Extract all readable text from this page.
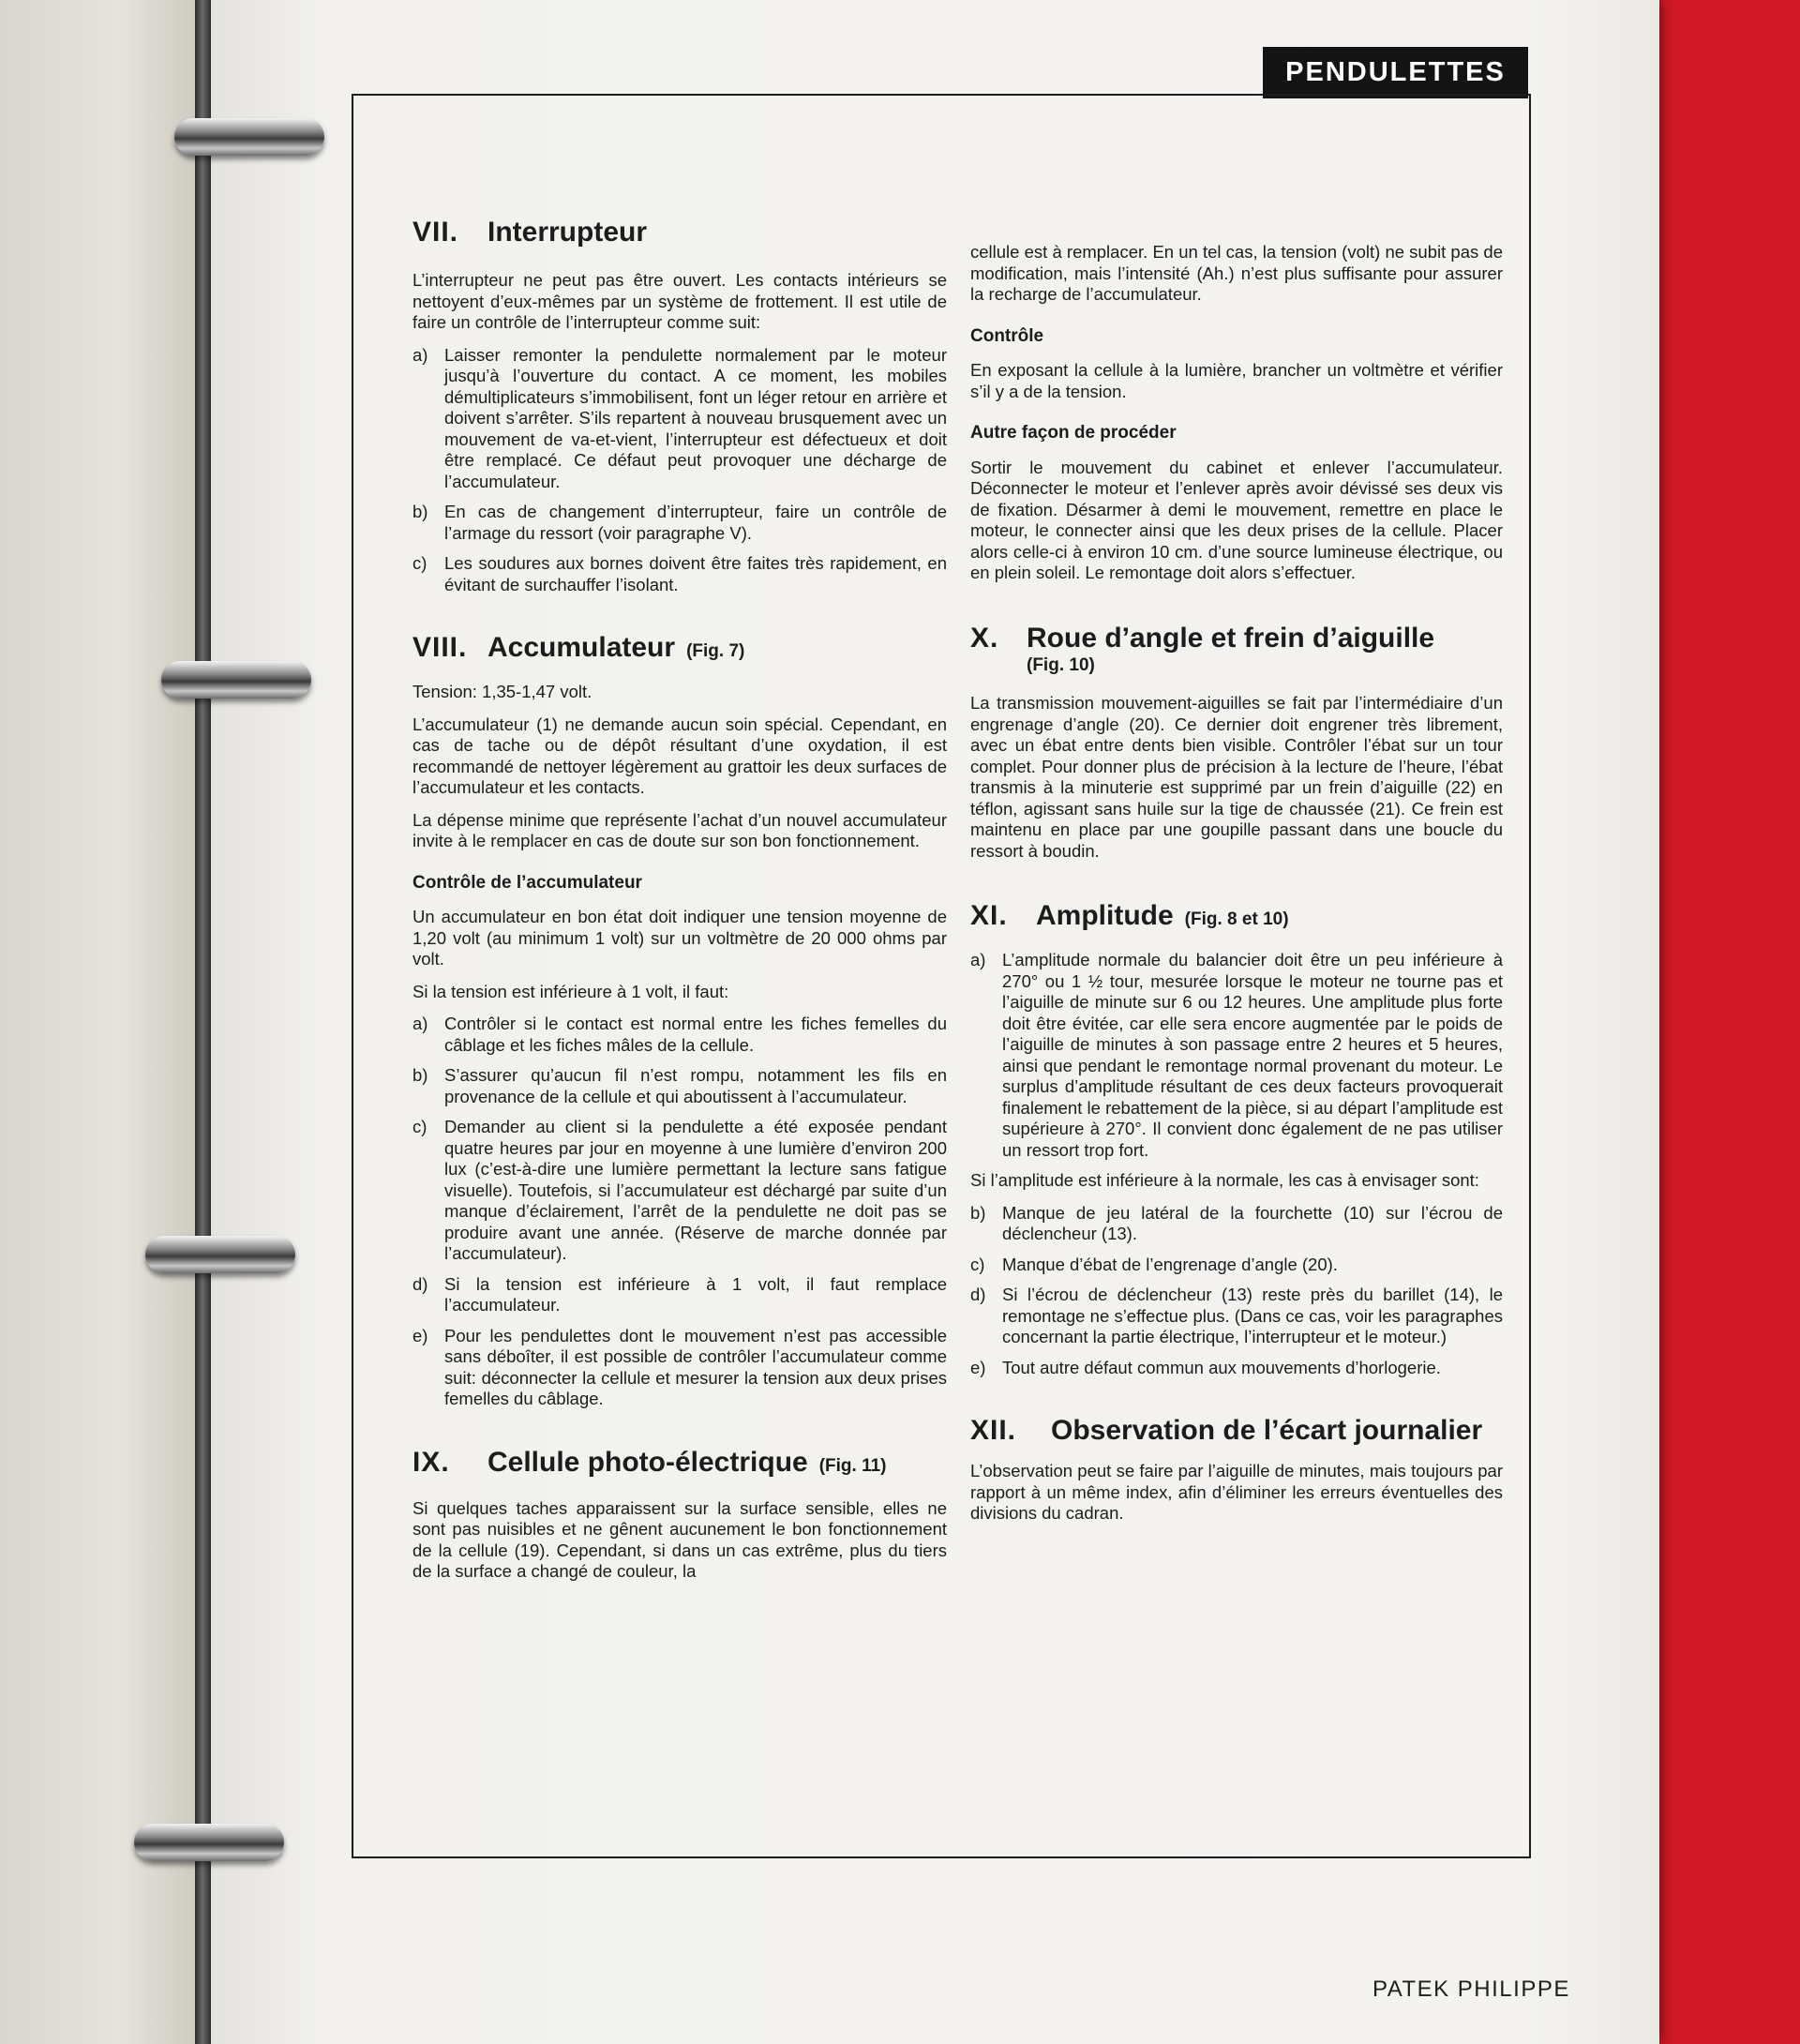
PENDULETTES
VII.	Interrupteur

L’interrupteur ne peut pas être ouvert. Les contacts intérieurs se nettoyent d’eux-mêmes par un système de frottement. Il est utile de faire un contrôle de l’interrupteur comme suit:

a) Laisser remonter la pendulette normalement par le moteur jusqu’à l’ouverture du contact. A ce moment, les mobiles démultiplicateurs s’immobilisent, font un léger retour en arrière et doivent s’arrêter. S’ils repartent à nouveau brusquement avec un mouvement de va-et-vient, l’interrupteur est défectueux et doit être remplacé. Ce défaut peut provoquer une décharge de l’accumulateur.
b) En cas de changement d’interrupteur, faire un contrôle de l’armage du ressort (voir paragraphe V).
c)	Les soudures aux bornes doivent être faites très rapidement, en évitant de surchauffer l’isolant.
VIII. Accumulateur (Fig. 7)

Tension: 1,35-1,47 volt.

L’accumulateur (1) ne demande aucun soin spécial. Cependant, en cas de tache ou de dépôt résultant d’une oxydation, il est recommandé de nettoyer légèrement au grattoir les deux surfaces de l’accumulateur et les contacts.

La dépense minime que représente l’achat d’un nouvel accumulateur invite à le remplacer en cas de doute sur son bon fonctionnement.

Contrôle de l’accumulateur

Un accumulateur en bon état doit indiquer une tension moyenne de 1,20 volt (au minimum 1 volt) sur un voltmètre de 20 000 ohms par volt.

Si la tension est inférieure à 1 volt, il faut:

a) Contrôler si le contact est normal entre les fiches femelles du câblage et les fiches mâles de la cellule.
b) S’assurer qu’aucun fil n’est rompu, notamment les fils en provenance de la cellule et qui aboutissent à l’accumulateur.
c)	Demander au client si la pendulette a été exposée pendant quatre heures par jour en moyenne à une lumière d’environ 200 lux (c’est-à-dire une lumière permettant la lecture sans fatigue visuelle). Toutefois, si l’accumulateur est déchargé par suite d’un manque d’éclairement, l’arrêt de la pendulette ne doit pas se produire avant une année. (Réserve de marche donnée par l’accumulateur).
d) Si la tension est inférieure à 1 volt, il faut remplace l’accumulateur.
e) Pour les pendulettes dont le mouvement n’est pas accessible sans déboîter, il est possible de contrôler l’accumulateur comme suit: déconnecter la cellule et mesurer la tension aux deux prises femelles du câblage.
IX.	Cellule photo-électrique (Fig. 11)

Si quelques taches apparaissent sur la surface sensible, elles ne sont pas nuisibles et ne gênent aucunement le bon fonctionnement de la cellule (19). Cependant, si dans un cas extrême, plus du tiers de la surface a changé de couleur, la

cellule est à remplacer. En un tel cas, la tension (volt) ne subit pas de modification, mais l’intensité (Ah.) n’est plus suffisante pour assurer la recharge de l’accumulateur.

Contrôle

En exposant la cellule à la lumière, brancher un voltmètre et vérifier s’il y a de la tension.

Autre façon de procéder

Sortir le mouvement du cabinet et enlever l’accumulateur. Déconnecter le moteur et l’enlever après avoir dévissé ses deux vis de fixation. Désarmer à demi le mouvement, remettre en place le moteur, le connecter ainsi que les deux prises de la cellule. Placer alors celle-ci à environ 10 cm. d’une source lumineuse électrique, ou en plein soleil. Le remontage doit alors s’effectuer.

X. Roue d’angle et frein d’aiguille
(Fig. 10)

La transmission mouvement-aiguilles se fait par l’intermédiaire d’un engrenage d’angle (20). Ce dernier doit engrener très librement, avec un ébat entre dents bien visible. Contrôler l’ébat sur un tour complet. Pour donner plus de précision à la lecture de l’heure, l’ébat transmis à la minuterie est supprimé par un frein d’aiguille (22) en téflon, agissant sans huile sur la tige de chaussée (21). Ce frein est maintenu en place par une goupille passant dans une boucle du ressort à boudin.

XI.	Amplitude (Fig. 8 et 10)
a) L’amplitude normale du balancier doit être un peu inférieure à 270° ou 1 ½ tour, mesurée lorsque le moteur ne tourne pas et l’aiguille de minute sur 6 ou 12 heures. Une amplitude plus forte doit être évitée, car elle sera encore augmentée par le poids de l’aiguille de minutes à son passage entre 2 heures et 5 heures, ainsi que pendant le remontage normal provenant du moteur. Le surplus d’amplitude résultant de ces deux facteurs provoquerait finalement le rebattement de la pièce, si au départ l’amplitude est supérieure à 270°. Il convient donc également de ne pas utiliser un ressort trop fort.

Si l’amplitude est inférieure à la normale, les cas à envisager sont:

b) Manque de jeu latéral de la fourchette (10) sur l’écrou de déclencheur (13).
c)	Manque d’ébat de l’engrenage d’angle (20).
d) Si l’écrou de déclencheur (13) reste près du barillet (14), le remontage ne s’effectue plus. (Dans ce cas, voir les paragraphes concernant la partie électrique, l’interrupteur et le moteur.)
e) Tout autre défaut commun aux mouvements d’horlogerie.
XII.	Observation de l’écart journalier

L’observation peut se faire par l’aiguille de minutes, mais toujours par rapport à un même index, afin d’éliminer les erreurs éventuelles des divisions du cadran.

PATEK PHILIPPE
